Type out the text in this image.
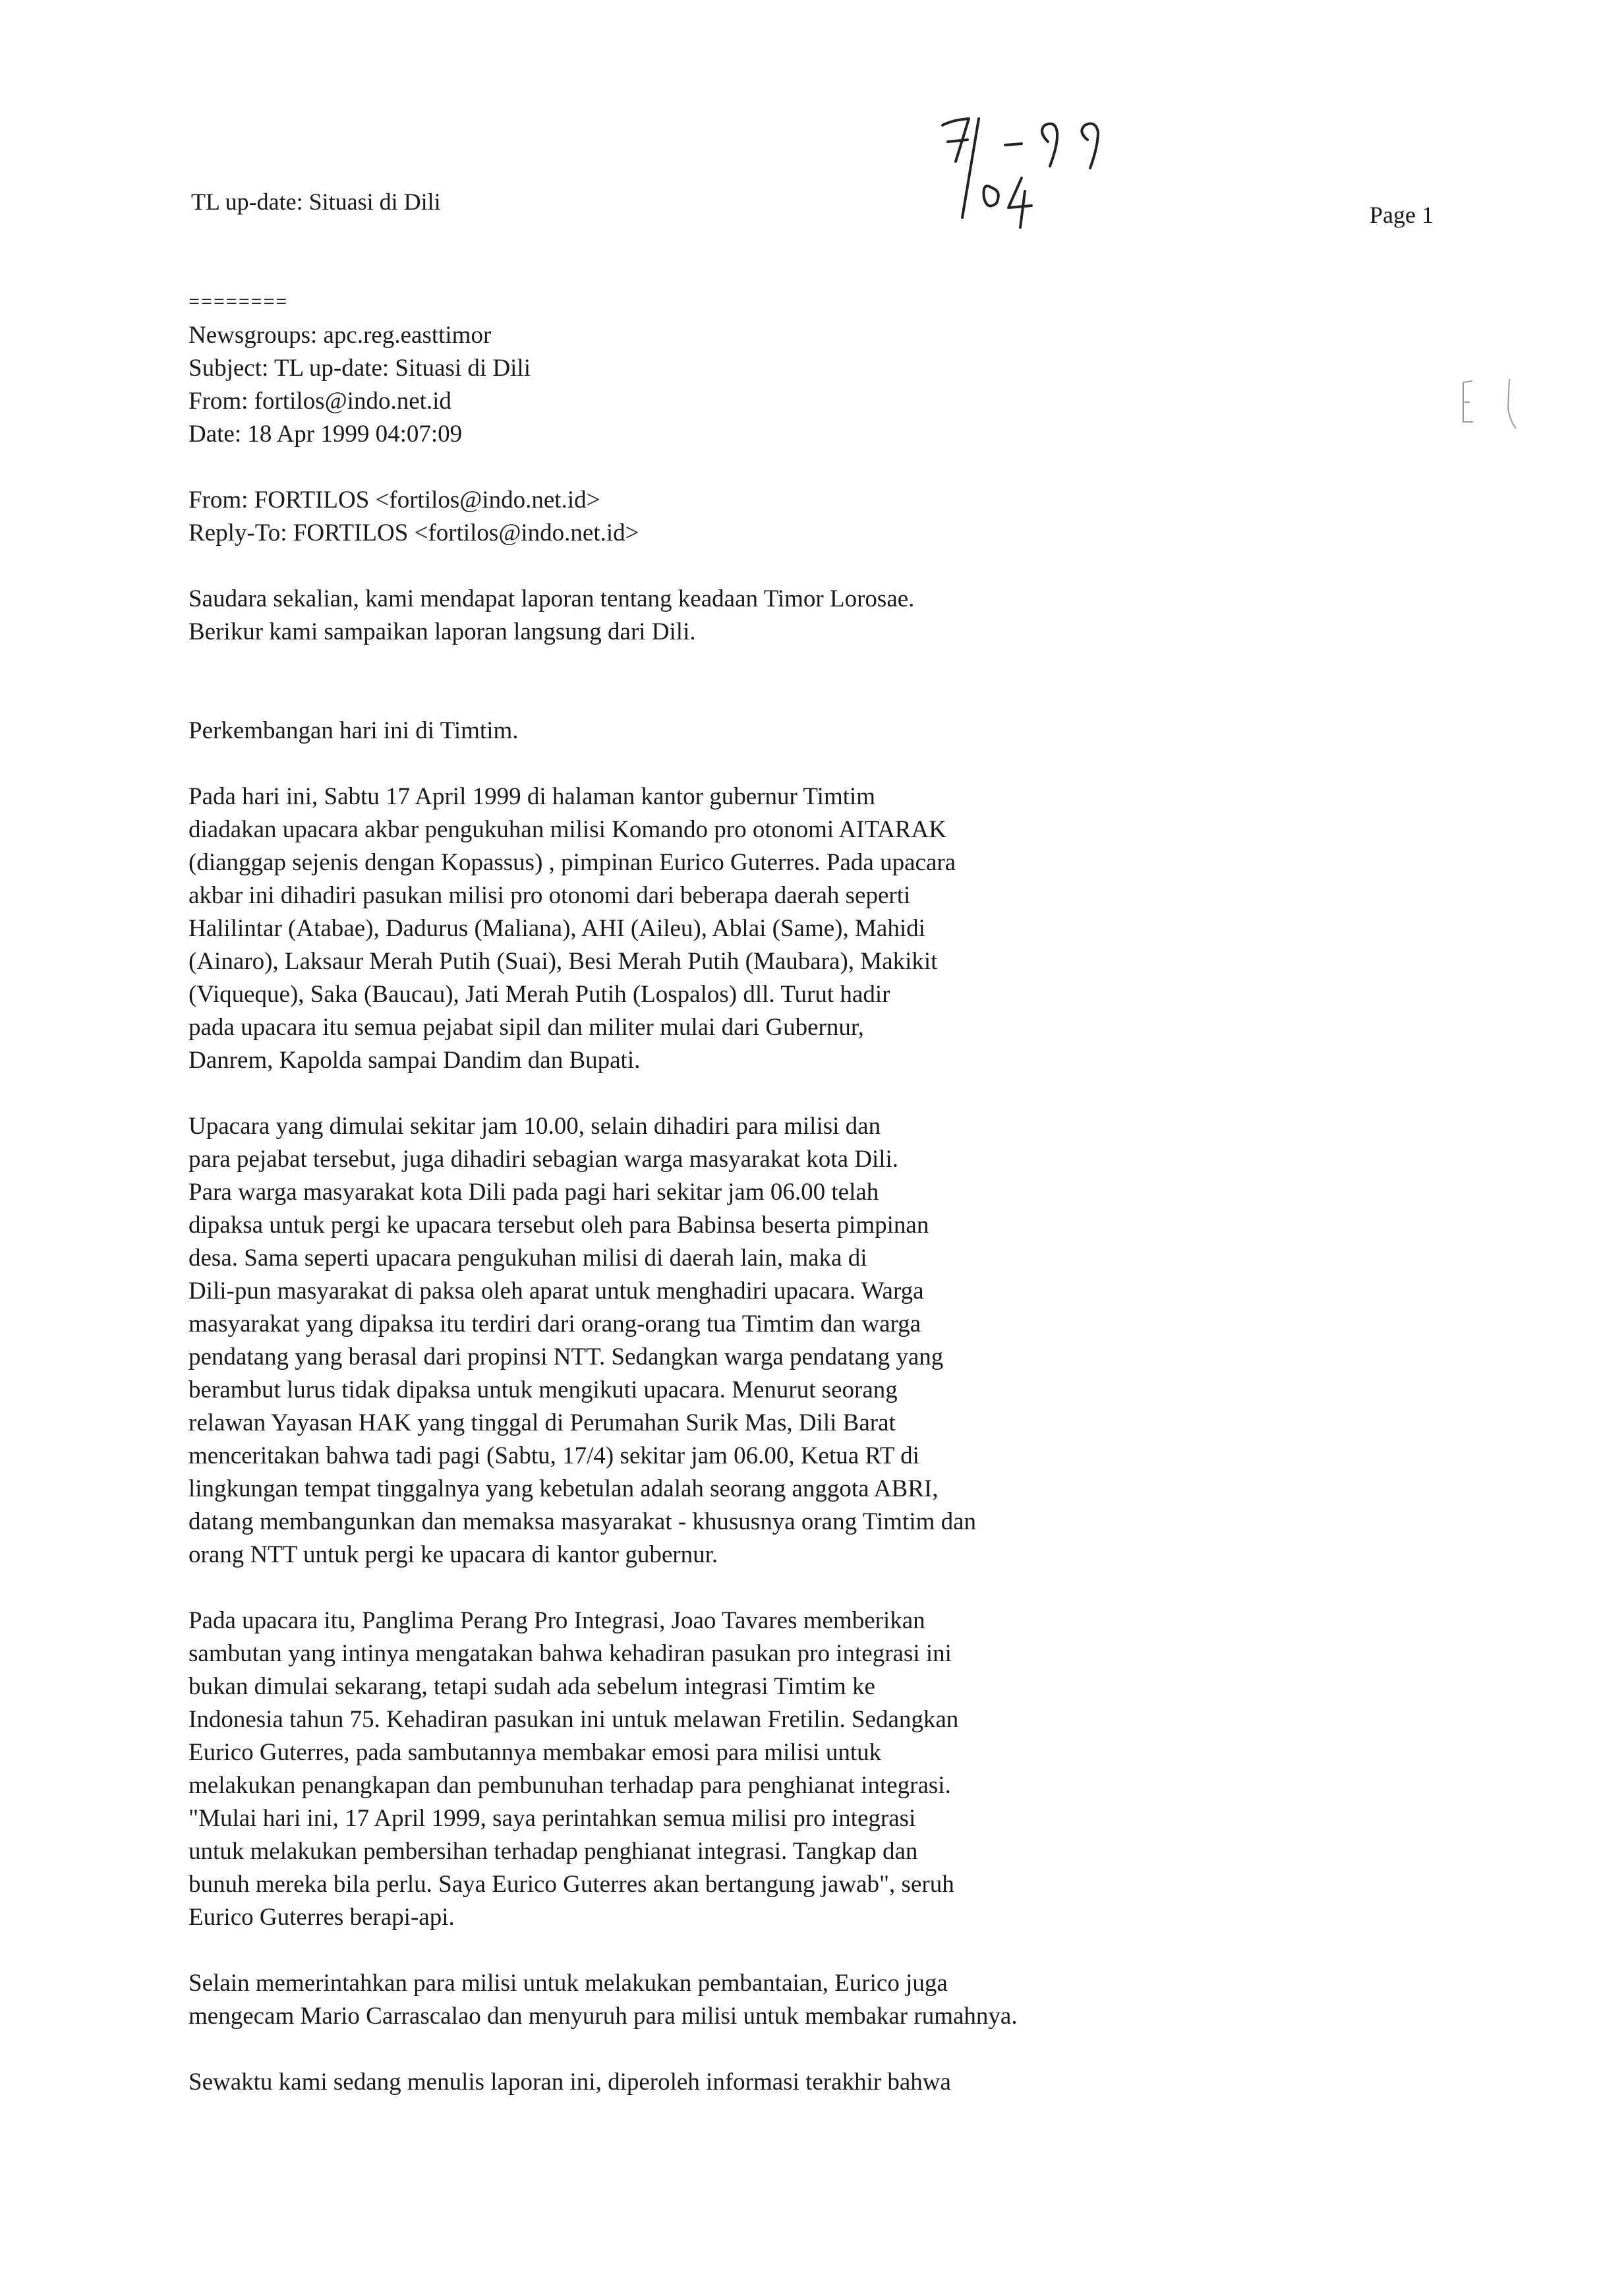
TL up-date: Situasi di Dili	Page 1
========
Newsgroups: apc.reg.easttimor
Subject: TL up-date: Situasi di Dili
From: fortilos@indo.net.id
Date: 18 Apr 1999 04:07:09
From: FORTILOS <fortilos@indo.net.id>
Reply-To: FORTILOS <fortilos@indo.net.id>
Saudara sekalian, kami mendapat laporan tentang keadaan Timor Lorosae.
Berikur kami sampaikan laporan langsung dari Dili.
Perkembangan hari ini di Timtim.
Pada hari ini, Sabtu 17 April 1999 di halaman kantor gubernur Timtim
diadakan upacara akbar pengukuhan milisi Komando pro otonomi AITARAK
(dianggap sejenis dengan Kopassus) , pimpinan Eurico Guterres. Pada upacara
akbar ini dihadiri pasukan milisi pro otonomi dari beberapa daerah seperti
Halilintar (Atabae), Dadurus (Maliana), AHI (Aileu), Ablai (Same), Mahidi
(Ainaro), Laksaur Merah Putih (Suai), Besi Merah Putih (Maubara), Makikit
(Viqueque), Saka (Baucau), Jati Merah Putih (Lospalos) dll. Turut hadir
pada upacara itu semua pejabat sipil dan militer mulai dari Gubernur,
Danrem, Kapolda sampai Dandim dan Bupati.
Upacara yang dimulai sekitar jam 10.00, selain dihadiri para milisi dan
para pejabat tersebut, juga dihadiri sebagian warga masyarakat kota Dili.
Para warga masyarakat kota Dili pada pagi hari sekitar jam 06.00 telah
dipaksa untuk pergi ke upacara tersebut oleh para Babinsa beserta pimpinan
desa. Sama seperti upacara pengukuhan milisi di daerah lain, maka di
Dili-pun masyarakat di paksa oleh aparat untuk menghadiri upacara. Warga
masyarakat yang dipaksa itu terdiri dari orang-orang tua Timtim dan warga
pendatang yang berasal dari propinsi NTT. Sedangkan warga pendatang yang
berambut lurus tidak dipaksa untuk mengikuti upacara. Menurut seorang
relawan Yayasan HAK yang tinggal di Perumahan Surik Mas, Dili Barat
menceritakan bahwa tadi pagi (Sabtu, 17/4) sekitar jam 06.00, Ketua RT di
lingkungan tempat tinggalnya yang kebetulan adalah seorang anggota ABRI,
datang membangunkan dan memaksa masyarakat - khususnya orang Timtim dan
orang NTT untuk pergi ke upacara di kantor gubernur.
Pada upacara itu, Panglima Perang Pro Integrasi, Joao Tavares memberikan
sambutan yang intinya mengatakan bahwa kehadiran pasukan pro integrasi ini
bukan dimulai sekarang, tetapi sudah ada sebelum integrasi Timtim ke
Indonesia tahun 75. Kehadiran pasukan ini untuk melawan Fretilin. Sedangkan
Eurico Guterres, pada sambutannya membakar emosi para milisi untuk
melakukan penangkapan dan pembunuhan terhadap para penghianat integrasi.
"Mulai hari ini, 17 April 1999, saya perintahkan semua milisi pro integrasi
untuk melakukan pembersihan terhadap penghianat integrasi. Tangkap dan
bunuh mereka bila perlu. Saya Eurico Guterres akan bertangung jawab", seruh
Eurico Guterres berapi-api.
Selain memerintahkan para milisi untuk melakukan pembantaian, Eurico juga
mengecam Mario Carrascalao dan menyuruh para milisi untuk membakar rumahnya.
Sewaktu kami sedang menulis laporan ini, diperoleh informasi terakhir bahwa
